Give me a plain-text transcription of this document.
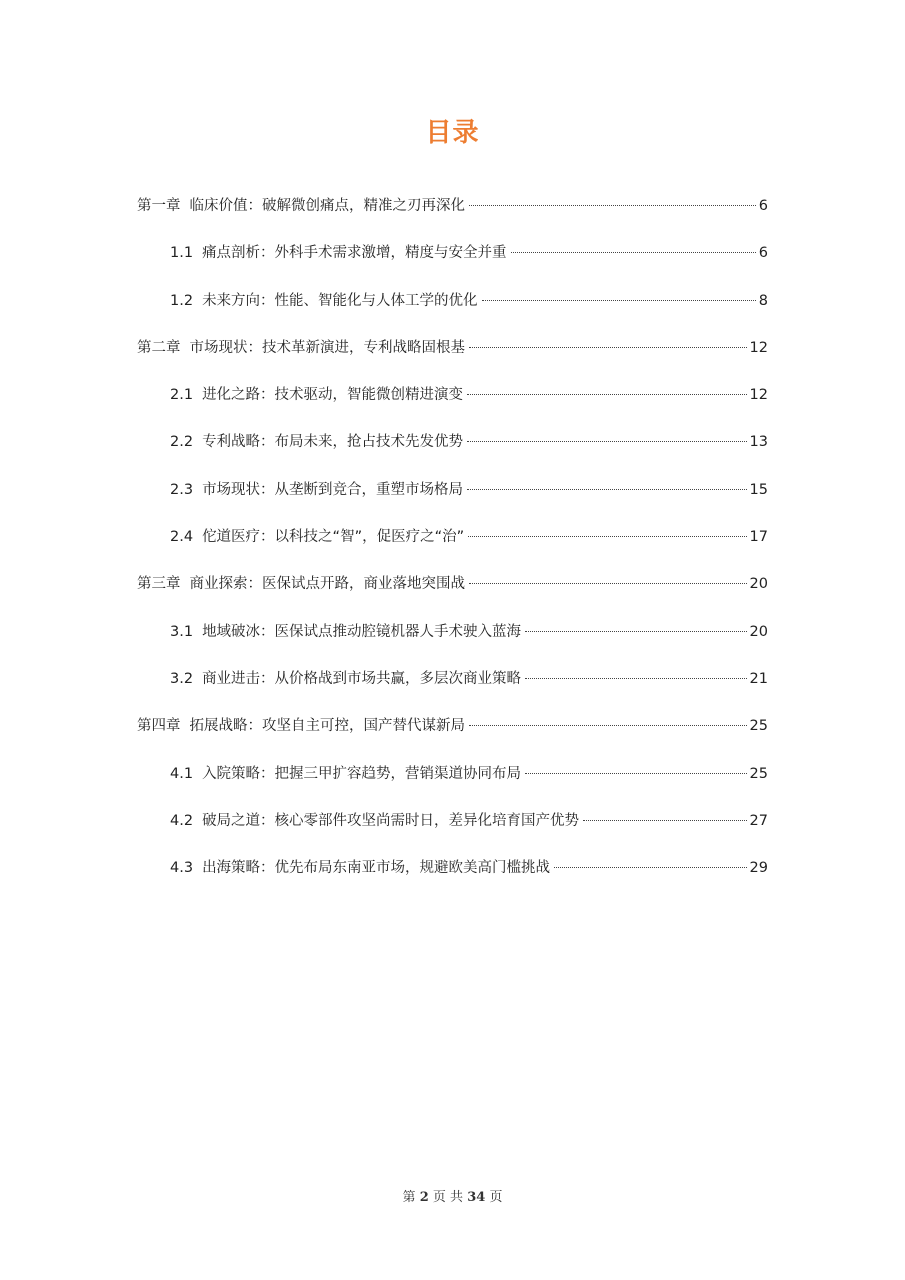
目录
第一章 临床价值：破解微创痛点，精准之刃再深化	6
1.1 痛点剖析：外科手术需求激增，精度与安全并重	6
1.2 未来方向：性能、智能化与人体工学的优化	8
第二章 市场现状：技术革新演进，专利战略固根基	12
2.1 进化之路：技术驱动，智能微创精进演变	12
2.2 专利战略：布局未来，抢占技术先发优势	13
2.3 市场现状：从垄断到竞合，重塑市场格局	15
2.4 佗道医疗：以科技之“智”，促医疗之“治”	17
第三章 商业探索：医保试点开路，商业落地突围战	20
3.1 地域破冰：医保试点推动腔镜机器人手术驶入蓝海	20
3.2 商业进击：从价格战到市场共赢，多层次商业策略	21
第四章 拓展战略：攻坚自主可控，国产替代谋新局	25
4.1 入院策略：把握三甲扩容趋势，营销渠道协同布局	25
4.2 破局之道：核心零部件攻坚尚需时日，差异化培育国产优势	27
4.3 出海策略：优先布局东南亚市场，规避欧美高门槛挑战	29
第 2 页 共 34 页
